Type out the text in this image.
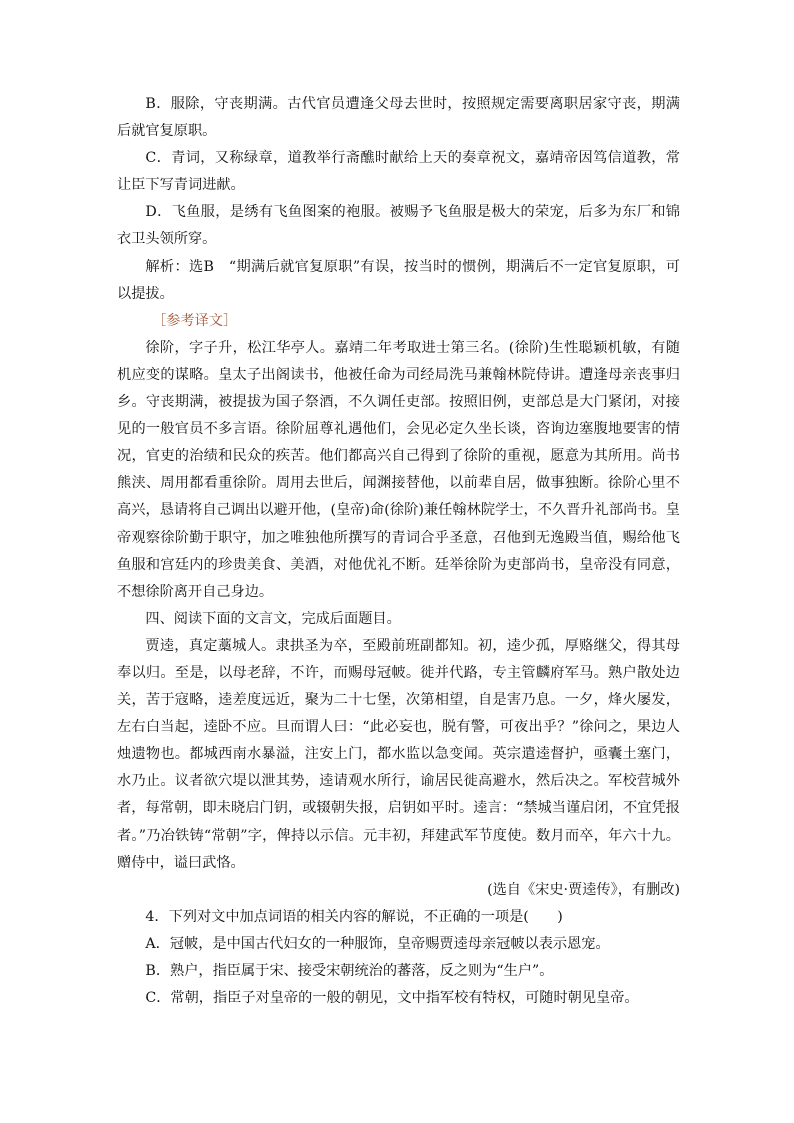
B．服除，守丧期满。古代官员遭逢父母去世时，按照规定需要离职居家守丧，期满后就官复原职。

C．青词，又称绿章，道教举行斋醮时献给上天的奏章祝文，嘉靖帝因笃信道教，常让臣下写青词进献。

D．飞鱼服，是绣有飞鱼图案的袍服。被赐予飞鱼服是极大的荣宠，后多为东厂和锦衣卫头领所穿。

解析：选B　“期满后就官复原职”有误，按当时的惯例，期满后不一定官复原职，可以提拔。

［参考译文］

徐阶，字子升，松江华亭人。嘉靖二年考取进士第三名。(徐阶)生性聪颖机敏，有随机应变的谋略。皇太子出阁读书，他被任命为司经局洗马兼翰林院侍讲。遭逢母亲丧事归乡。守丧期满，被提拔为国子祭酒，不久调任吏部。按照旧例，吏部总是大门紧闭，对接见的一般官员不多言语。徐阶屈尊礼遇他们，会见必定久坐长谈，咨询边塞腹地要害的情况，官吏的治绩和民众的疾苦。他们都高兴自己得到了徐阶的重视，愿意为其所用。尚书熊浃、周用都看重徐阶。周用去世后，闻渊接替他，以前辈自居，做事独断。徐阶心里不高兴，恳请将自己调出以避开他，(皇帝)命(徐阶)兼任翰林院学士，不久晋升礼部尚书。皇帝观察徐阶勤于职守，加之唯独他所撰写的青词合乎圣意，召他到无逸殿当值，赐给他飞鱼服和宫廷内的珍贵美食、美酒，对他优礼不断。廷举徐阶为吏部尚书，皇帝没有同意，不想徐阶离开自己身边。

四、阅读下面的文言文，完成后面题目。

贾逵，真定藁城人。隶拱圣为卒，至殿前班副都知。初，逵少孤，厚赂继父，得其母奉以归。至是，以母老辞，不许，而赐母冠帔。徙并代路，专主管麟府军马。熟户散处边关，苦于寇略，逵差度远近，聚为二十七堡，次第相望，自是害乃息。一夕，烽火屡发，左右白当起，逵卧不应。旦而谓人曰：“此必妄也，脱有警，可夜出乎？”徐问之，果边人烛遗物也。都城西南水暴溢，注安上门，都水监以急变闻。英宗遣逵督护，亟囊土塞门，水乃止。议者欲穴堤以泄其势，逵请观水所行，谕居民徙高避水，然后决之。军校营城外者，每常朝，即未晓启门钥，或辍朝失报，启钥如平时。逵言：“禁城当谨启闭，不宜凭报者。”乃冶铁铸“常朝”字，俾持以示信。元丰初，拜建武军节度使。数月而卒，年六十九。赠侍中，谥曰武恪。

(选自《宋史·贾逵传》，有删改)

4．下列对文中加点词语的相关内容的解说，不正确的一项是(　　)

A．冠帔，是中国古代妇女的一种服饰，皇帝赐贾逵母亲冠帔以表示恩宠。

B．熟户，指臣属于宋、接受宋朝统治的蕃落，反之则为“生户”。

C．常朝，指臣子对皇帝的一般的朝见，文中指军校有特权，可随时朝见皇帝。
